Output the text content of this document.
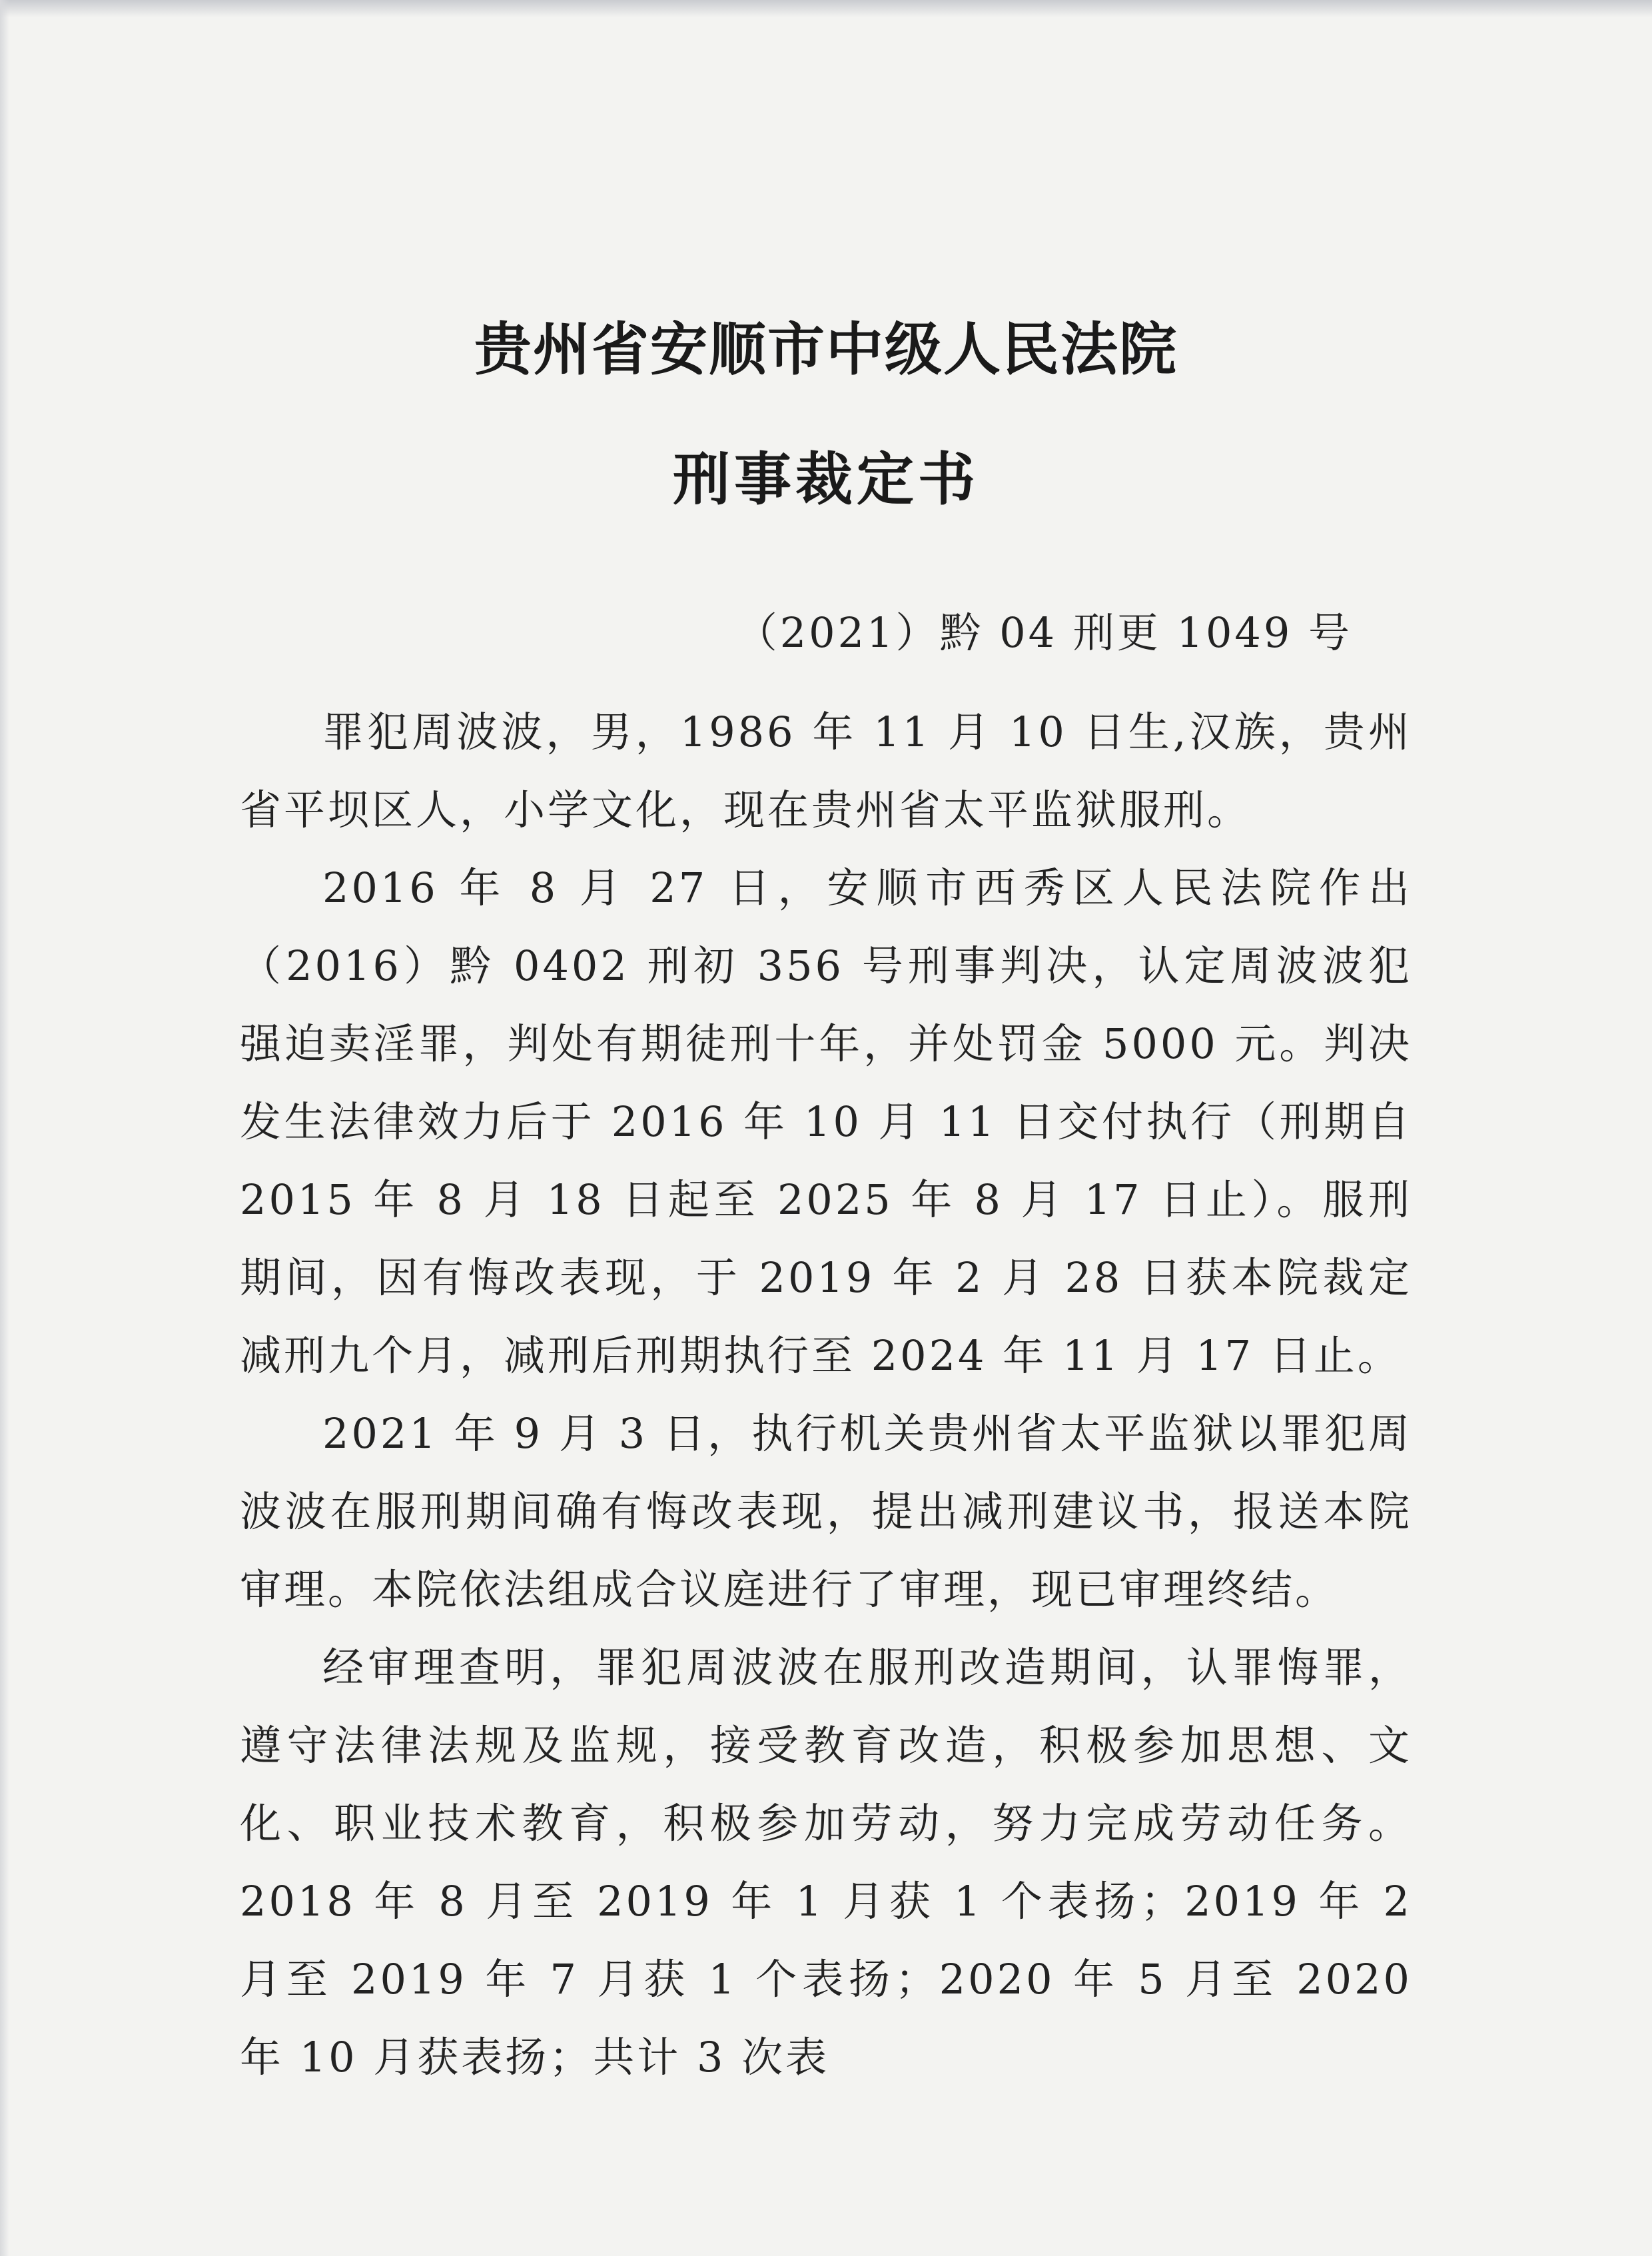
贵州省安顺市中级人民法院
刑事裁定书
（2021）黔 04 刑更 1049 号

罪犯周波波，男，1986 年 11 月 10 日生,汉族，贵州省平坝区人，小学文化，现在贵州省太平监狱服刑。

2016 年 8 月 27 日，安顺市西秀区人民法院作出（2016）黔 0402 刑初 356 号刑事判决，认定周波波犯强迫卖淫罪，判处有期徒刑十年，并处罚金 5000 元。判决发生法律效力后于 2016 年 10 月 11 日交付执行（刑期自 2015 年 8 月 18 日起至 2025 年 8 月 17 日止）。服刑期间，因有悔改表现，于 2019 年 2 月 28 日获本院裁定减刑九个月，减刑后刑期执行至 2024 年 11 月 17 日止。

2021 年 9 月 3 日，执行机关贵州省太平监狱以罪犯周波波在服刑期间确有悔改表现，提出减刑建议书，报送本院审理。本院依法组成合议庭进行了审理，现已审理终结。

经审理查明，罪犯周波波在服刑改造期间，认罪悔罪，遵守法律法规及监规，接受教育改造，积极参加思想、文化、职业技术教育，积极参加劳动，努力完成劳动任务。2018 年 8 月至 2019 年 1 月获 1 个表扬；2019 年 2 月至 2019 年 7 月获 1 个表扬；2020 年 5 月至 2020 年 10 月获表扬；共计 3 次表
